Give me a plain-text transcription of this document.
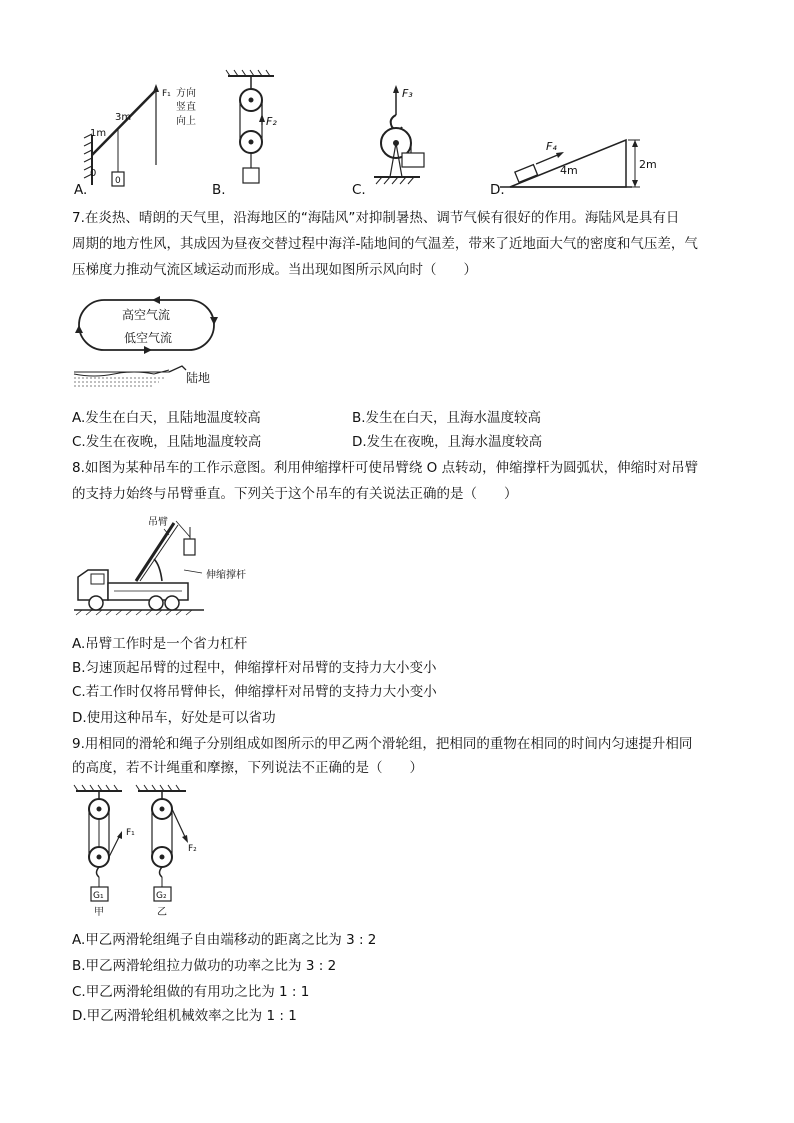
3m
1m
F₁ 方向
竖直
向上
0
0
A.
F₂
B.
F₃
C.
F₄
4m	2m
D.
7.在炎热、晴朗的天气里，沿海地区的“海陆风”对抑制暑热、调节气候有很好的作用。海陆风是具有日
周期的地方性风，其成因为昼夜交替过程中海洋-陆地间的气温差，带来了近地面大气的密度和气压差，气
压梯度力推动气流区域运动而形成。当出现如图所示风向时（　　）
高空气流
低空气流
陆地
A.发生在白天，且陆地温度较高	B.发生在白天，且海水温度较高
C.发生在夜晚，且陆地温度较高	D.发生在夜晚，且海水温度较高
8.如图为某种吊车的工作示意图。利用伸缩撑杆可使吊臂绕 O 点转动，伸缩撑杆为圆弧状，伸缩时对吊臂
的支持力始终与吊臂垂直。下列关于这个吊车的有关说法正确的是（　　）
吊臂
伸缩撑杆
A.吊臂工作时是一个省力杠杆
B.匀速顶起吊臂的过程中，伸缩撑杆对吊臂的支持力大小变小
C.若工作时仅将吊臂伸长，伸缩撑杆对吊臂的支持力大小变小
D.使用这种吊车，好处是可以省功
9.用相同的滑轮和绳子分别组成如图所示的甲乙两个滑轮组，把相同的重物在相同的时间内匀速提升相同
的高度，若不计绳重和摩擦，下列说法不正确的是（　　）
F₁
G₁
甲
F₂
G₂
乙
A.甲乙两滑轮组绳子自由端移动的距离之比为 3 : 2
B.甲乙两滑轮组拉力做功的功率之比为 3 : 2
C.甲乙两滑轮组做的有用功之比为 1 : 1
D.甲乙两滑轮组机械效率之比为 1 : 1
